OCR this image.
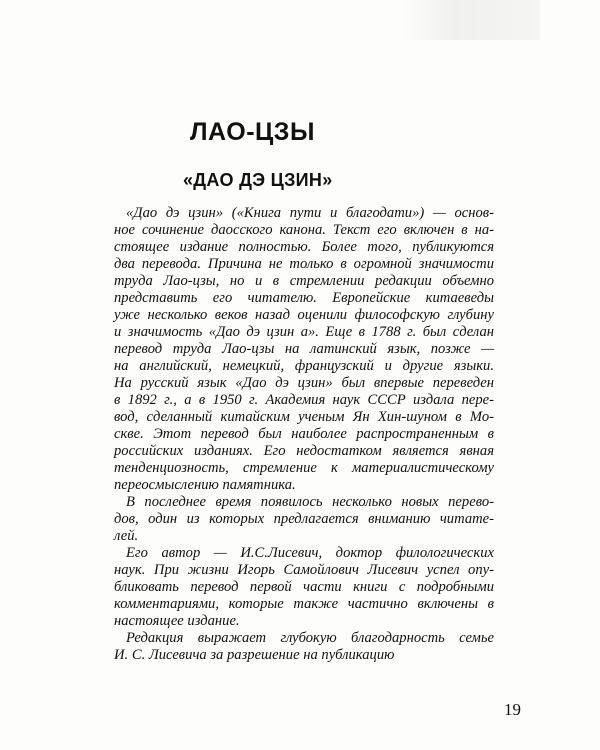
ЛАО-ЦЗЫ
«ДАО ДЭ ЦЗИН»
«Дао дэ цзин» («Книга пути и благодати») — основ-
ное сочинение даосского канона. Текст его включен в на-
стоящее издание полностью. Более того, публикуются
два перевода. Причина не только в огромной значимости
труда Лао-цзы, но и в стремлении редакции объемно
представить его читателю. Европейские китаеведы
уже несколько веков назад оценили философскую глубину
и значимость «Дао дэ цзин а». Еще в 1788 г. был сделан
перевод труда Лао-цзы на латинский язык, позже —
на английский, немецкий, французский и другие языки.
На русский язык «Дао дэ цзин» был впервые переведен
в 1892 г., а в 1950 г. Академия наук СССР издала пере-
вод, сделанный китайским ученым Ян Хин-шуном в Мо-
скве. Этот перевод был наиболее распространенным в
российских изданиях. Его недостатком является явная
тенденциозность, стремление к материалистическому
переосмыслению памятника.
В последнее время появилось несколько новых перево-
дов, один из которых предлагается вниманию читате-
лей.
Его автор — И.С.Лисевич, доктор филологических
наук. При жизни Игорь Самойлович Лисевич успел опу-
бликовать перевод первой части книги с подробными
комментариями, которые также частично включены в
настоящее издание.
Редакция выражает глубокую благодарность семье
И. С. Лисевича за разрешение на публикацию
19
